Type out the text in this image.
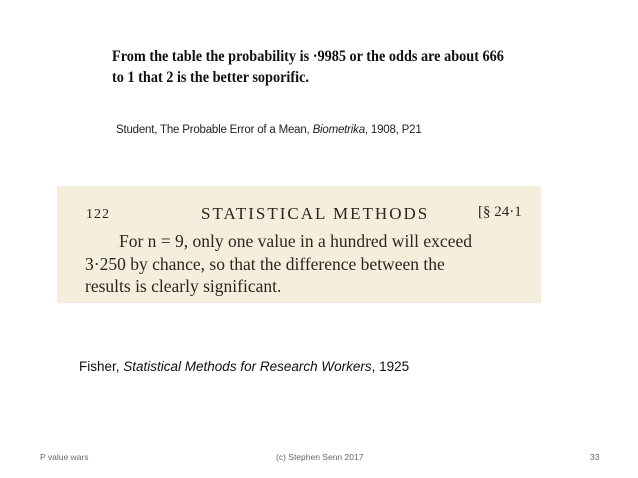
From the table the probability is ·9985 or the odds are about 666
to 1 that 2 is the better soporific.
Student, The Probable Error of a Mean, Biometrika, 1908, P21
122	STATISTICAL METHODS	[§ 24·1
For n = 9, only one value in a hundred will exceed
3·250 by chance, so that the difference between the
results is clearly significant.
Fisher, Statistical Methods for Research Workers, 1925
P value wars	(c) Stephen Senn 2017	33
